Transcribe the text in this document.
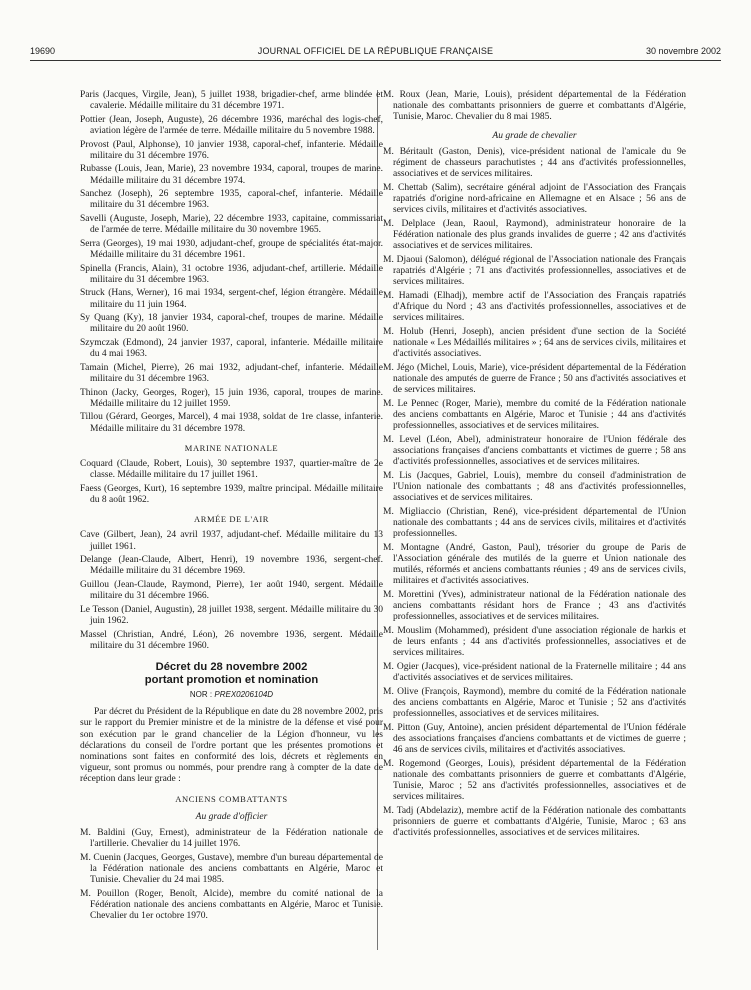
19690	JOURNAL OFFICIEL DE LA RÉPUBLIQUE FRANÇAISE	30 novembre 2002

Paris (Jacques, Virgile, Jean), 5 juillet 1938, brigadier-chef, arme blindée et cavalerie. Médaille militaire du 31 décembre 1971.

Pottier (Jean, Joseph, Auguste), 26 décembre 1936, maréchal des logis-chef, aviation légère de l'armée de terre. Médaille militaire du 5 novembre 1988.

Provost (Paul, Alphonse), 10 janvier 1938, caporal-chef, infanterie. Médaille militaire du 31 décembre 1976.

Rubasse (Louis, Jean, Marie), 23 novembre 1934, caporal, troupes de marine. Médaille militaire du 31 décembre 1974.

Sanchez (Joseph), 26 septembre 1935, caporal-chef, infanterie. Médaille militaire du 31 décembre 1963.

Savelli (Auguste, Joseph, Marie), 22 décembre 1933, capitaine, commissariat de l'armée de terre. Médaille militaire du 30 novembre 1965.

Serra (Georges), 19 mai 1930, adjudant-chef, groupe de spécialités état-major. Médaille militaire du 31 décembre 1961.

Spinella (Francis, Alain), 31 octobre 1936, adjudant-chef, artillerie. Médaille militaire du 31 décembre 1963.

Struck (Hans, Werner), 16 mai 1934, sergent-chef, légion étrangère. Médaille militaire du 11 juin 1964.

Sy Quang (Ky), 18 janvier 1934, caporal-chef, troupes de marine. Médaille militaire du 20 août 1960.

Szymczak (Edmond), 24 janvier 1937, caporal, infanterie. Médaille militaire du 4 mai 1963.

Tamain (Michel, Pierre), 26 mai 1932, adjudant-chef, infanterie. Médaille militaire du 31 décembre 1963.

Thinon (Jacky, Georges, Roger), 15 juin 1936, caporal, troupes de marine. Médaille militaire du 12 juillet 1959.

Tillou (Gérard, Georges, Marcel), 4 mai 1938, soldat de 1re classe, infanterie. Médaille militaire du 31 décembre 1978.

MARINE NATIONALE

Coquard (Claude, Robert, Louis), 30 septembre 1937, quartier-maître de 2e classe. Médaille militaire du 17 juillet 1961.

Faess (Georges, Kurt), 16 septembre 1939, maître principal. Médaille militaire du 8 août 1962.

ARMÉE DE L'AIR

Cave (Gilbert, Jean), 24 avril 1937, adjudant-chef. Médaille militaire du 13 juillet 1961.

Delange (Jean-Claude, Albert, Henri), 19 novembre 1936, sergent-chef. Médaille militaire du 31 décembre 1969.

Guillou (Jean-Claude, Raymond, Pierre), 1er août 1940, sergent. Médaille militaire du 31 décembre 1966.

Le Tesson (Daniel, Augustin), 28 juillet 1938, sergent. Médaille militaire du 30 juin 1962.

Massel (Christian, André, Léon), 26 novembre 1936, sergent. Médaille militaire du 31 décembre 1960.

Décret du 28 novembre 2002
portant promotion et nomination
NOR : PREX0206104D

Par décret du Président de la République en date du 28 novembre 2002, pris sur le rapport du Premier ministre et de la ministre de la défense et visé pour son exécution par le grand chancelier de la Légion d'honneur, vu les déclarations du conseil de l'ordre portant que les présentes promotions et nominations sont faites en conformité des lois, décrets et règlements en vigueur, sont promus ou nommés, pour prendre rang à compter de la date de réception dans leur grade :

ANCIENS COMBATTANTS
Au grade d'officier

M. Baldini (Guy, Ernest), administrateur de la Fédération nationale de l'artillerie. Chevalier du 14 juillet 1976.

M. Cuenin (Jacques, Georges, Gustave), membre d'un bureau départemental de la Fédération nationale des anciens combattants en Algérie, Maroc et Tunisie. Chevalier du 24 mai 1985.

M. Pouillon (Roger, Benoît, Alcide), membre du comité national de la Fédération nationale des anciens combattants en Algérie, Maroc et Tunisie. Chevalier du 1er octobre 1970.

M. Roux (Jean, Marie, Louis), président départemental de la Fédération nationale des combattants prisonniers de guerre et combattants d'Algérie, Tunisie, Maroc. Chevalier du 8 mai 1985.

Au grade de chevalier

M. Béritault (Gaston, Denis), vice-président national de l'amicale du 9e régiment de chasseurs parachutistes ; 44 ans d'activités professionnelles, associatives et de services militaires.

M. Chettab (Salim), secrétaire général adjoint de l'Association des Français rapatriés d'origine nord-africaine en Allemagne et en Alsace ; 56 ans de services civils, militaires et d'activités associatives.

M. Delplace (Jean, Raoul, Raymond), administrateur honoraire de la Fédération nationale des plus grands invalides de guerre ; 42 ans d'activités associatives et de services militaires.

M. Djaoui (Salomon), délégué régional de l'Association nationale des Français rapatriés d'Algérie ; 71 ans d'activités professionnelles, associatives et de services militaires.

M. Hamadi (Elhadj), membre actif de l'Association des Français rapatriés d'Afrique du Nord ; 43 ans d'activités professionnelles, associatives et de services militaires.

M. Holub (Henri, Joseph), ancien président d'une section de la Société nationale « Les Médaillés militaires » ; 64 ans de services civils, militaires et d'activités associatives.

M. Jégo (Michel, Louis, Marie), vice-président départemental de la Fédération nationale des amputés de guerre de France ; 50 ans d'activités associatives et de services militaires.

M. Le Pennec (Roger, Marie), membre du comité de la Fédération nationale des anciens combattants en Algérie, Maroc et Tunisie ; 44 ans d'activités professionnelles, associatives et de services militaires.

M. Level (Léon, Abel), administrateur honoraire de l'Union fédérale des associations françaises d'anciens combattants et victimes de guerre ; 58 ans d'activités professionnelles, associatives et de services militaires.

M. Lis (Jacques, Gabriel, Louis), membre du conseil d'administration de l'Union nationale des combattants ; 48 ans d'activités professionnelles, associatives et de services militaires.

M. Migliaccio (Christian, René), vice-président départemental de l'Union nationale des combattants ; 44 ans de services civils, militaires et d'activités professionnelles.

M. Montagne (André, Gaston, Paul), trésorier du groupe de Paris de l'Association générale des mutilés de la guerre et Union nationale des mutilés, réformés et anciens combattants réunies ; 49 ans de services civils, militaires et d'activités associatives.

M. Morettini (Yves), administrateur national de la Fédération nationale des anciens combattants résidant hors de France ; 43 ans d'activités professionnelles, associatives et de services militaires.

M. Mouslim (Mohammed), président d'une association régionale de harkis et de leurs enfants ; 44 ans d'activités professionnelles, associatives et de services militaires.

M. Ogier (Jacques), vice-président national de la Fraternelle militaire ; 44 ans d'activités associatives et de services militaires.

M. Olive (François, Raymond), membre du comité de la Fédération nationale des anciens combattants en Algérie, Maroc et Tunisie ; 52 ans d'activités professionnelles, associatives et de services militaires.

M. Pitton (Guy, Antoine), ancien président départemental de l'Union fédérale des associations françaises d'anciens combattants et de victimes de guerre ; 46 ans de services civils, militaires et d'activités associatives.

M. Rogemond (Georges, Louis), président départemental de la Fédération nationale des combattants prisonniers de guerre et combattants d'Algérie, Tunisie, Maroc ; 52 ans d'activités professionnelles, associatives et de services militaires.

M. Tadj (Abdelaziz), membre actif de la Fédération nationale des combattants prisonniers de guerre et combattants d'Algérie, Tunisie, Maroc ; 63 ans d'activités professionnelles, associatives et de services militaires.
